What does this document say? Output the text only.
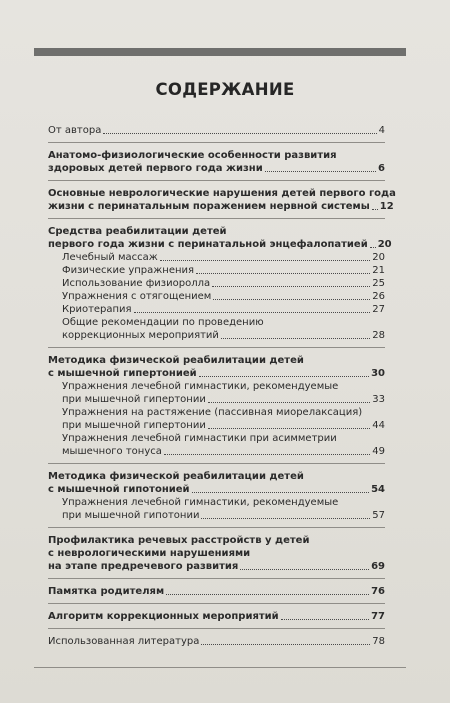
СОДЕРЖАНИЕ
От автора	4
Анатомо-физиологические особенности развития
здоровых детей первого года жизни	6
Основные неврологические нарушения детей первого года
жизни с перинатальным поражением нервной системы 12
Средства реабилитации детей
первого года жизни с перинатальной энцефалопатией 20
Лечебный массаж	20
Физические упражнения	21
Использование физиоролла	25
Упражнения с отягощением	26
Криотерапия	27
Общие рекомендации по проведению
коррекционных мероприятий	28
Методика физической реабилитации детей
с мышечной гипертонией	30
Упражнения лечебной гимнастики, рекомендуемые
при мышечной гипертонии	33
Упражнения на растяжение (пассивная миорелаксация)
при мышечной гипертонии	44
Упражнения лечебной гимнастики при асимметрии
мышечного тонуса	49
Методика физической реабилитации детей
с мышечной гипотонией	54
Упражнения лечебной гимнастики, рекомендуемые
при мышечной гипотонии	57
Профилактика речевых расстройств у детей
с неврологическими нарушениями
на этапе предречевого развития	69
Памятка родителям	76
Алгоритм коррекционных мероприятий	77
Использованная литература	78
